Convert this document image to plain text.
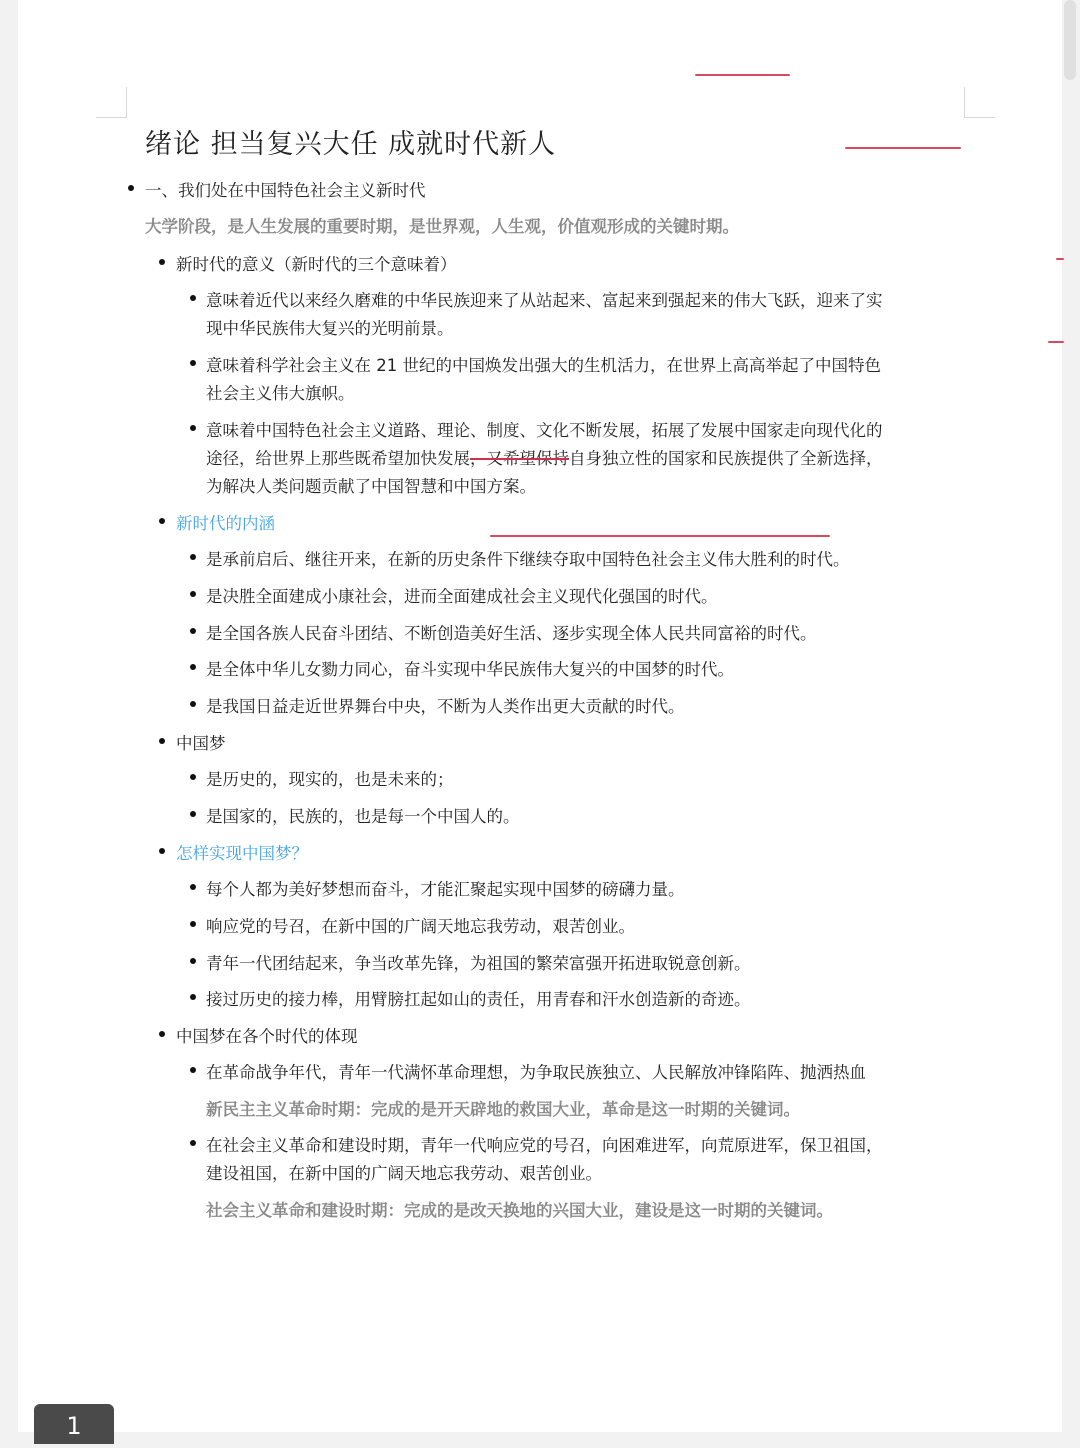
绪论 担当复兴大任 成就时代新人
一、我们处在中国特色社会主义新时代
大学阶段，是人生发展的重要时期，是世界观，人生观，价值观形成的关键时期。
新时代的意义（新时代的三个意味着）
意味着近代以来经久磨难的中华民族迎来了从站起来、富起来到强起来的伟大飞跃，迎来了实
现中华民族伟大复兴的光明前景。
意味着科学社会主义在 21 世纪的中国焕发出强大的生机活力，在世界上高高举起了中国特色
社会主义伟大旗帜。
意味着中国特色社会主义道路、理论、制度、文化不断发展，拓展了发展中国家走向现代化的
途径，给世界上那些既希望加快发展，又希望保持自身独立性的国家和民族提供了全新选择，
为解决人类问题贡献了中国智慧和中国方案。
新时代的内涵
是承前启后、继往开来，在新的历史条件下继续夺取中国特色社会主义伟大胜利的时代。
是决胜全面建成小康社会，进而全面建成社会主义现代化强国的时代。
是全国各族人民奋斗团结、不断创造美好生活、逐步实现全体人民共同富裕的时代。
是全体中华儿女勠力同心，奋斗实现中华民族伟大复兴的中国梦的时代。
是我国日益走近世界舞台中央，不断为人类作出更大贡献的时代。
中国梦
是历史的，现实的，也是未来的；
是国家的，民族的，也是每一个中国人的。
怎样实现中国梦？
每个人都为美好梦想而奋斗，才能汇聚起实现中国梦的磅礴力量。
响应党的号召，在新中国的广阔天地忘我劳动，艰苦创业。
青年一代团结起来，争当改革先锋，为祖国的繁荣富强开拓进取锐意创新。
接过历史的接力棒，用臂膀扛起如山的责任，用青春和汗水创造新的奇迹。
中国梦在各个时代的体现
在革命战争年代，青年一代满怀革命理想，为争取民族独立、人民解放冲锋陷阵、抛洒热血
新民主主义革命时期：完成的是开天辟地的救国大业，革命是这一时期的关键词。
在社会主义革命和建设时期，青年一代响应党的号召，向困难进军，向荒原进军，保卫祖国，
建设祖国，在新中国的广阔天地忘我劳动、艰苦创业。
社会主义革命和建设时期：完成的是改天换地的兴国大业，建设是这一时期的关键词。
1
